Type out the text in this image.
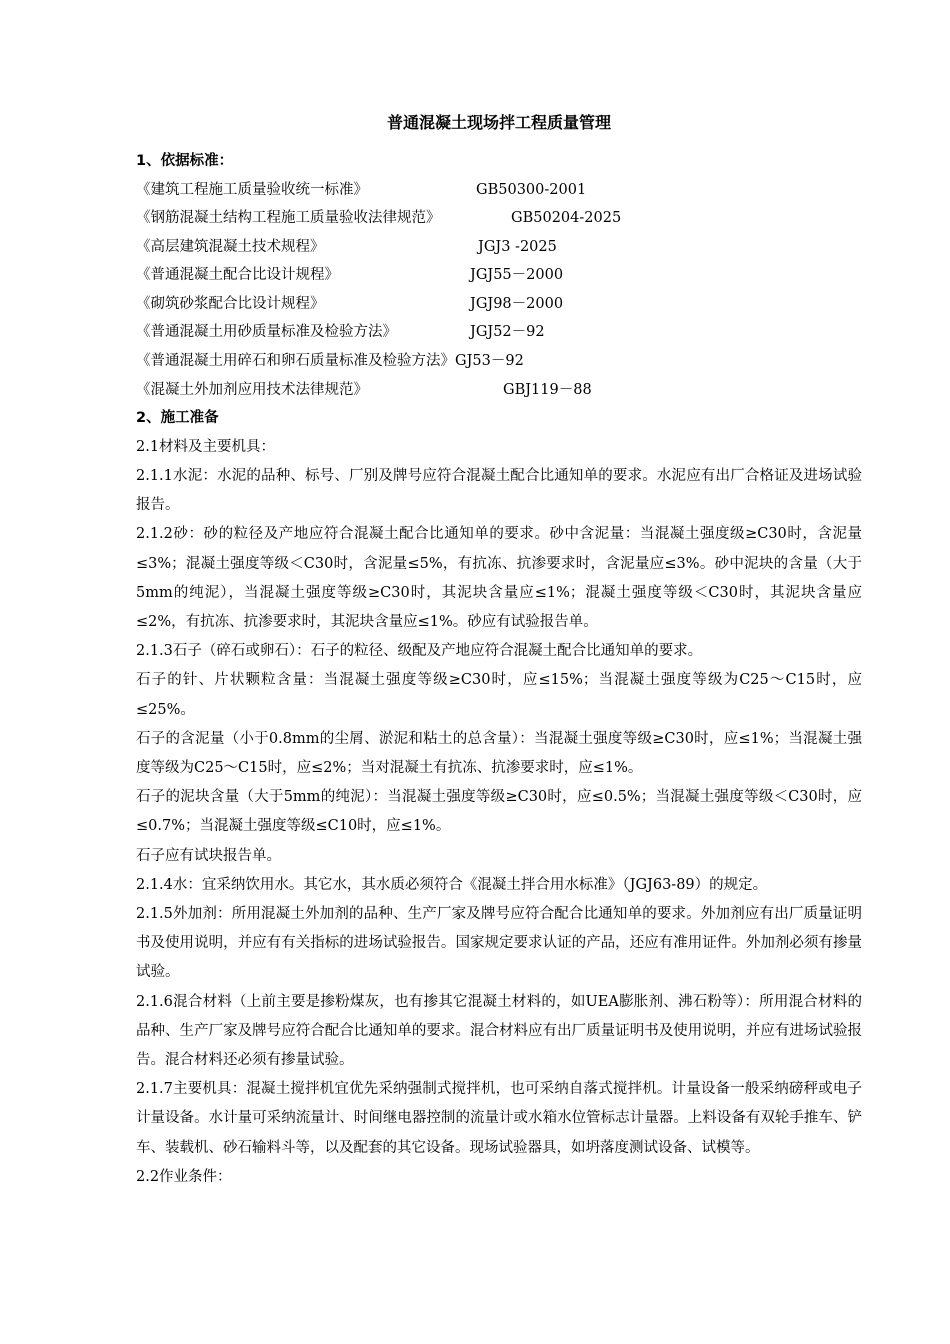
普通混凝土现场拌工程质量管理
1、依据标准：
《建筑工程施工质量验收统一标准》	GB50300-2001
《钢筋混凝土结构工程施工质量验收法律规范》	GB50204-2025
《高层建筑混凝土技术规程》	JGJ3 -2025
《普通混凝土配合比设计规程》	JGJ55－2000
《砌筑砂浆配合比设计规程》	JGJ98－2000
《普通混凝土用砂质量标准及检验方法》	JGJ52－92
《普通混凝土用碎石和卵石质量标准及检验方法》 GJ53－92
《混凝土外加剂应用技术法律规范》	GBJ119－88
2、施工准备
2.1材料及主要机具：
2.1.1水泥：水泥的品种、标号、厂别及牌号应符合混凝土配合比通知单的要求。水泥应有出厂合格证及进场试验报告。
2.1.2砂：砂的粒径及产地应符合混凝土配合比通知单的要求。砂中含泥量：当混凝土强度级≥C30时，含泥量≤3%；混凝土强度等级＜C30时，含泥量≤5%，有抗冻、抗渗要求时，含泥量应≤3%。砂中泥块的含量（大于5mm的纯泥），当混凝土强度等级≥C30时，其泥块含量应≤1%；混凝土强度等级＜C30时，其泥块含量应≤2%，有抗冻、抗渗要求时，其泥块含量应≤1%。砂应有试验报告单。
2.1.3石子（碎石或卵石）：石子的粒径、级配及产地应符合混凝土配合比通知单的要求。
石子的针、片状颗粒含量：当混凝土强度等级≥C30时，应≤15%；当混凝土强度等级为C25～C15时，应≤25%。
石子的含泥量（小于0.8mm的尘屑、淤泥和粘土的总含量）：当混凝土强度等级≥C30时，应≤1%；当混凝土强度等级为C25～C15时，应≤2%；当对混凝土有抗冻、抗渗要求时，应≤1%。
石子的泥块含量（大于5mm的纯泥）：当混凝土强度等级≥C30时，应≤0.5%；当混凝土强度等级＜C30时，应≤0.7%；当混凝土强度等级≤C10时，应≤1%。
石子应有试块报告单。
2.1.4水：宜采纳饮用水。其它水，其水质必须符合《混凝土拌合用水标准》（JGJ63-89）的规定。
2.1.5外加剂：所用混凝土外加剂的品种、生产厂家及牌号应符合配合比通知单的要求。外加剂应有出厂质量证明书及使用说明，并应有有关指标的进场试验报告。国家规定要求认证的产品，还应有准用证件。外加剂必须有掺量试验。
2.1.6混合材料（上前主要是掺粉煤灰，也有掺其它混凝土材料的，如UEA膨胀剂、沸石粉等）：所用混合材料的品种、生产厂家及牌号应符合配合比通知单的要求。混合材料应有出厂质量证明书及使用说明，并应有进场试验报告。混合材料还必须有掺量试验。
2.1.7主要机具：混凝土搅拌机宜优先采纳强制式搅拌机，也可采纳自落式搅拌机。计量设备一般采纳磅秤或电子计量设备。水计量可采纳流量计、时间继电器控制的流量计或水箱水位管标志计量器。上料设备有双轮手推车、铲车、装载机、砂石输料斗等，以及配套的其它设备。现场试验器具，如坍落度测试设备、试模等。
2.2作业条件：
